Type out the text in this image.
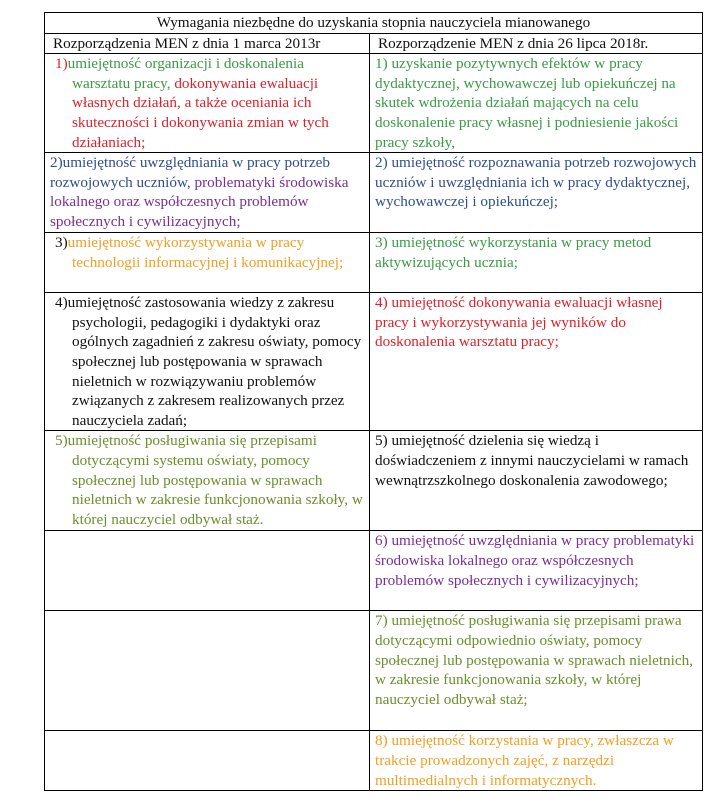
Wymagania niezbędne do uzyskania stopnia nauczyciela mianowanego	
Rozporządzenia MEN z dnia 1 marca 2013r	Rozporządzenie MEN z dnia 26 lipca 2018r.

1)umiejętność organizacji i doskonalenia warsztatu pracy, dokonywania ewaluacji własnych działań, a także oceniania ich skuteczności i dokonywania zmian w tych działaniach;	1) uzyskanie pozytywnych efektów w pracy dydaktycznej, wychowawczej lub opiekuńczej na skutek wdrożenia działań mających na celu doskonalenie pracy własnej i podniesienie jakości pracy szkoły,

2)umiejętność uwzględniania w pracy potrzeb rozwojowych uczniów, problematyki środowiska lokalnego oraz współczesnych problemów społecznych i cywilizacyjnych;	2) umiejętność rozpoznawania potrzeb rozwojowych uczniów i uwzględniania ich w pracy dydaktycznej, wychowawczej i opiekuńczej;

3)umiejętność wykorzystywania w pracy technologii informacyjnej i komunikacyjnej;	3) umiejętność wykorzystania w pracy metod aktywizujących ucznia;

4)umiejętność zastosowania wiedzy z zakresu psychologii, pedagogiki i dydaktyki oraz ogólnych zagadnień z zakresu oświaty, pomocy społecznej lub postępowania w sprawach nieletnich w rozwiązywaniu problemów związanych z zakresem realizowanych przez nauczyciela zadań;	4) umiejętność dokonywania ewaluacji własnej pracy i wykorzystywania jej wyników do doskonalenia warsztatu pracy;

5)umiejętność posługiwania się przepisami dotyczącymi systemu oświaty, pomocy społecznej lub postępowania w sprawach nieletnich w zakresie funkcjonowania szkoły, w której nauczyciel odbywał staż.	5) umiejętność dzielenia się wiedzą i doświadczeniem z innymi nauczycielami w ramach wewnątrzszkolnego doskonalenia zawodowego;

	6) umiejętność uwzględniania w pracy problematyki środowiska lokalnego oraz współczesnych problemów społecznych i cywilizacyjnych;

	7) umiejętność posługiwania się przepisami prawa dotyczącymi odpowiednio oświaty, pomocy społecznej lub postępowania w sprawach nieletnich, w zakresie funkcjonowania szkoły, w której nauczyciel odbywał staż;

	8) umiejętność korzystania w pracy, zwłaszcza w trakcie prowadzonych zajęć, z narzędzi multimedialnych i informatycznych.
